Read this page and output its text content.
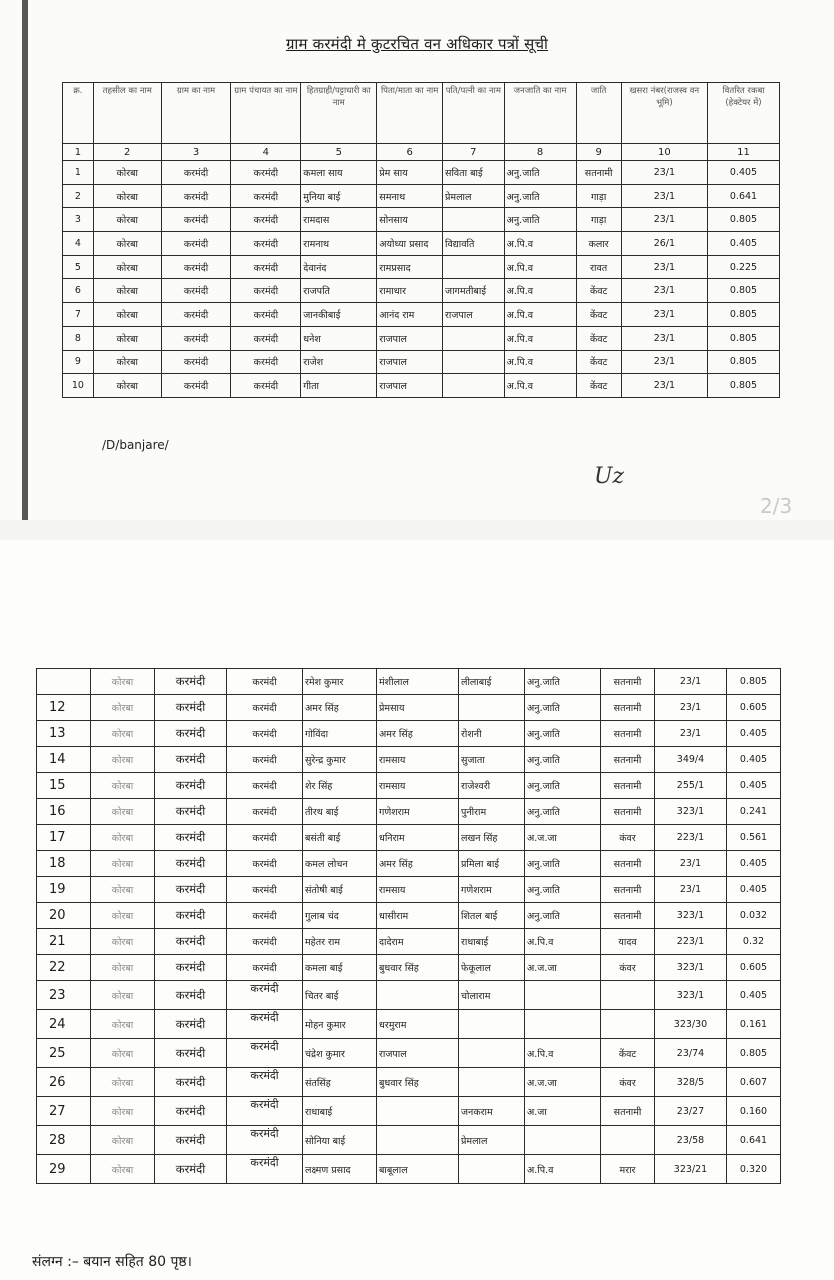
ग्राम करमंदी मे कुटरचित वन अधिकार पत्रों सूची
क्र.	तहसील का नाम	ग्राम का नाम	ग्राम पंचायत का नाम	हितग्राही/पट्टाधारी का नाम	पिता/माता का नाम	पति/पत्नी का नाम	जनजाति का नाम	जाति	खसरा नंबर(राजस्व वन भूमि)	वितरित रकबा (हेक्टेयर में)
1	2	3	4	5	6	7	8	9	10	11
1	कोरबा	करमंदी	करमंदी	कमला साय	प्रेम साय	सविता बाई	अनु.जाति	सतनामी	23/1	0.405
2	कोरबा	करमंदी	करमंदी	मुनिया बाई	समनाथ	प्रेमलाल	अनु.जाति	गाड़ा	23/1	0.641
3	कोरबा	करमंदी	करमंदी	रामदास	सोनसाय		अनु.जाति	गाड़ा	23/1	0.805
4	कोरबा	करमंदी	करमंदी	रामनाथ	अयोध्या प्रसाद	विद्यावति	अ.पि.व	कलार	26/1	0.405
5	कोरबा	करमंदी	करमंदी	देवानंद	रामप्रसाद		अ.पि.व	रावत	23/1	0.225
6	कोरबा	करमंदी	करमंदी	राजपति	रामाधार	जागमतीबाई	अ.पि.व	केंवट	23/1	0.805
7	कोरबा	करमंदी	करमंदी	जानकीबाई	आनंद राम	राजपाल	अ.पि.व	केंवट	23/1	0.805
8	कोरबा	करमंदी	करमंदी	धनेश	राजपाल		अ.पि.व	केंवट	23/1	0.805
9	कोरबा	करमंदी	करमंदी	राजेश	राजपाल		अ.पि.व	केंवट	23/1	0.805
10	कोरबा	करमंदी	करमंदी	गीता	राजपाल		अ.पि.व	केंवट	23/1	0.805
/D/banjare/
Uz
2/3
	कोरबा	करमंदी	करमंदी	रमेश कुमार	मंशीलाल	लीलाबाई	अनु.जाति	सतनामी	23/1	0.805
12	कोरबा	करमंदी	करमंदी	अमर सिंह	प्रेमसाय		अनु.जाति	सतनामी	23/1	0.605
13	कोरबा	करमंदी	करमंदी	गोविंदा	अमर सिंह	रोशनी	अनु.जाति	सतनामी	23/1	0.405
14	कोरबा	करमंदी	करमंदी	सुरेन्द्र कुमार	रामसाय	सुजाता	अनु.जाति	सतनामी	349/4	0.405
15	कोरबा	करमंदी	करमंदी	शेर सिंह	रामसाय	राजेश्वरी	अनु.जाति	सतनामी	255/1	0.405
16	कोरबा	करमंदी	करमंदी	तीरथ बाई	गणेशराम	पुनीराम	अनु.जाति	सतनामी	323/1	0.241
17	कोरबा	करमंदी	करमंदी	बसंती बाई	धनिराम	लखन सिंह	अ.ज.जा	कंवर	223/1	0.561
18	कोरबा	करमंदी	करमंदी	कमल लोचन	अमर सिंह	प्रमिला बाई	अनु.जाति	सतनामी	23/1	0.405
19	कोरबा	करमंदी	करमंदी	संतोषी बाई	रामसाय	गणेशराम	अनु.जाति	सतनामी	23/1	0.405
20	कोरबा	करमंदी	करमंदी	गुलाब चंद	धासीराम	शितल बाई	अनु.जाति	सतनामी	323/1	0.032
21	कोरबा	करमंदी	करमंदी	महेतर राम	दादेराम	राधाबाई	अ.पि.व	यादव	223/1	0.32
22	कोरबा	करमंदी	करमंदी	कमला बाई	बुधवार सिंह	फेकूलाल	अ.ज.जा	कंवर	323/1	0.605
23	कोरबा	करमंदी	करमंदी	चितर बाई		चोलाराम			323/1	0.405
24	कोरबा	करमंदी	करमंदी	मोहन कुमार	धरमुराम				323/30	0.161
25	कोरबा	करमंदी	करमंदी	चंद्रेश कुमार	राजपाल		अ.पि.व	केंवट	23/74	0.805
26	कोरबा	करमंदी	करमंदी	संतसिंह	बुधवार सिंह		अ.ज.जा	कंवर	328/5	0.607
27	कोरबा	करमंदी	करमंदी	राधाबाई		जनकराम	अ.जा	सतनामी	23/27	0.160
28	कोरबा	करमंदी	करमंदी	सोनिया बाई		प्रेमलाल			23/58	0.641
29	कोरबा	करमंदी	करमंदी	लक्ष्मण प्रसाद	बाबूलाल		अ.पि.व	मरार	323/21	0.320
संलग्न :– बयान सहित 80 पृष्ठ।
